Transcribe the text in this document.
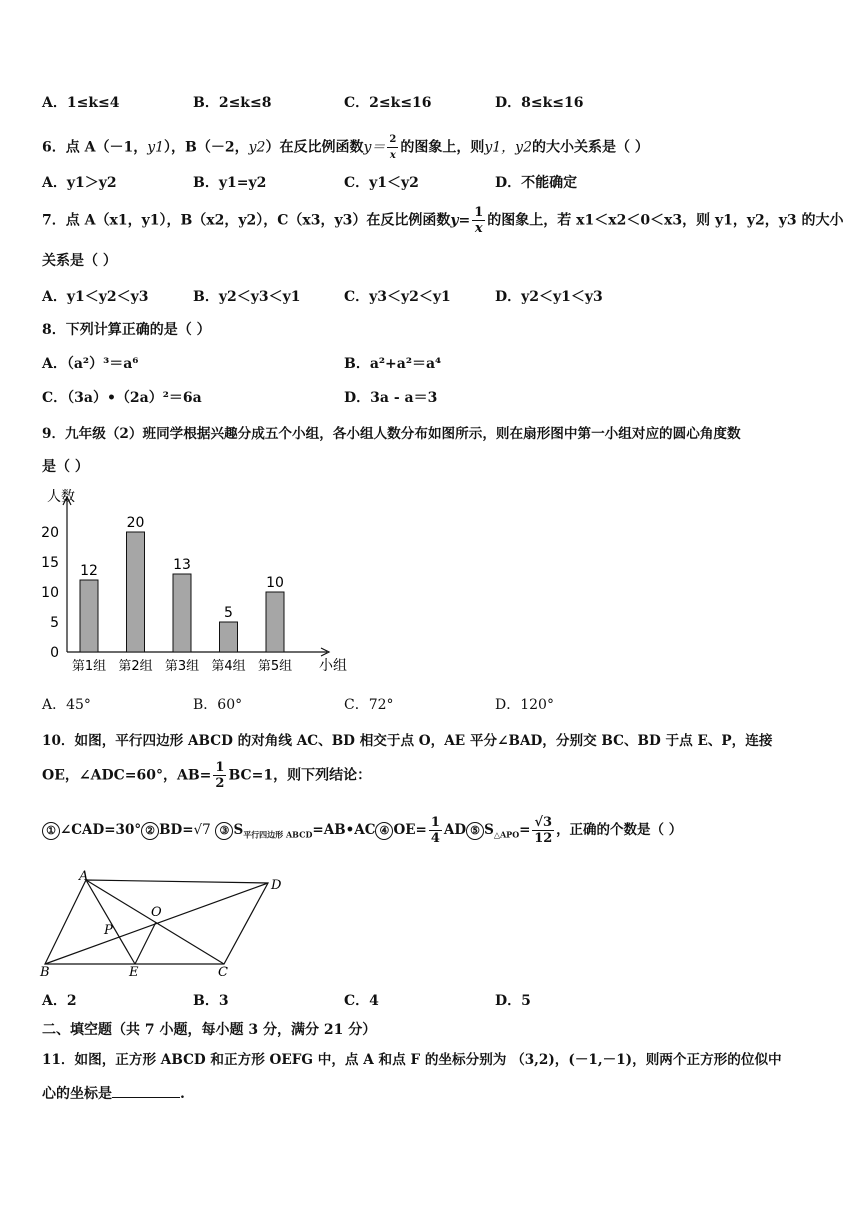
A．1≤k≤4	B．2≤k≤8	C．2≤k≤16	D．8≤k≤16
6．点 A（－1，y1），B（－2，y2）在反比例函数$y= \frac{2}{x}$ 的图象上，则y1，y2的大小关系是（ ）
A．y1＞y2	B．y1=y2	C．y1＜y2	D．不能确定
7．点 A（x1，y1），B（x2，y2），C（x3，y3）在反比例函数$y= \frac{1}{x}$ 的图象上，若 x1＜x2＜0＜x3，则 y1，y2，y3 的大小
关系是（ ）
A．y1＜y2＜y3	B．y2＜y3＜y1	C．y3＜y2＜y1	D．y2＜y1＜y3
8．下列计算正确的是（ ）
A．（a²）³＝a⁶	B．a²+a²＝a⁴
C．（3a）•（2a）²＝6a	D．3a - a＝3
9．九年级（2）班同学根据兴趣分成五个小组，各小组人数分布如图所示，则在扇形图中第一小组对应的圆心角度数
是（ ）
人数
小组
0
5
10
15
20
12
第1组
20
第2组
13
第3组
5
第4组
10
第5组
A．45°	B．60°	C．72°	D．120°
10．如图，平行四边形 ABCD 的对角线 AC、BD 相交于点 O，AE 平分∠BAD，分别交 BC、BD 于点 E、P，连接
OE，∠ADC=60°，$AB= \frac{1}{2} BC=1$，则下列结论：
① ∠CAD=30° ② BD=√7 ③ $S_{平行四边形 ABCD}=AB•AC$ ④ $OE= \frac{1}{4}$ AD ⑤ $S_{\triangle APO}= \frac{√3}{12}$ ，正确的个数是（ ）
A
D
O
P
B	E	C
A．2	B．3	C．4	D．5
二、填空题（共 7 小题，每小题 3 分，满分 21 分）
11．如图，正方形 ABCD 和正方形 OEFG 中，点 A 和点 F 的坐标分别为 （3,2)，(－1,－1)，则两个正方形的位似中
心的坐标是	.
